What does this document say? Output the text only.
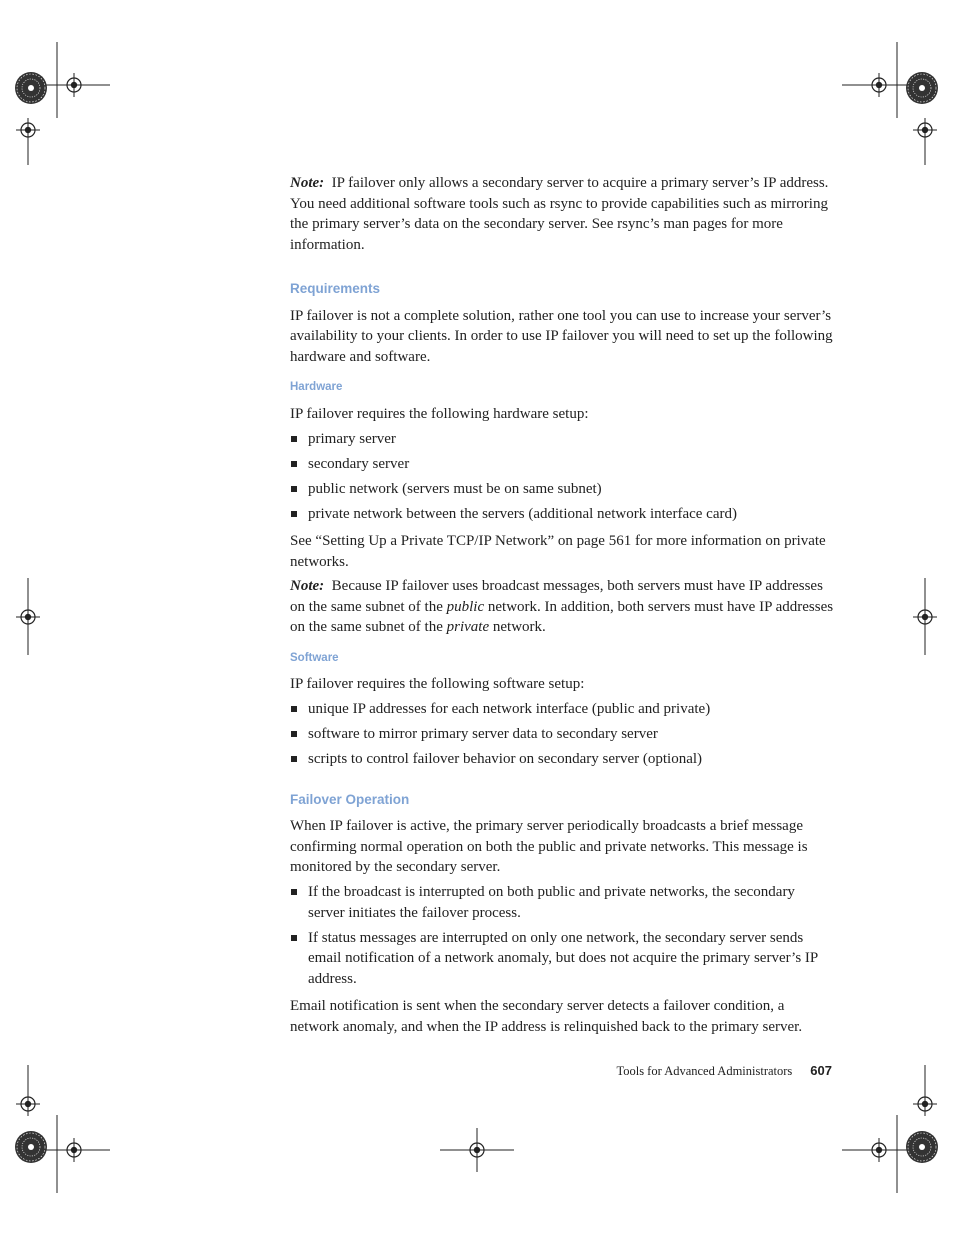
Note: IP failover only allows a secondary server to acquire a primary server’s IP address. You need additional software tools such as rsync to provide capabilities such as mirroring the primary server’s data on the secondary server. See rsync’s man pages for more information.

Requirements

IP failover is not a complete solution, rather one tool you can use to increase your server’s availability to your clients. In order to use IP failover you will need to set up the following hardware and software.

Hardware

IP failover requires the following hardware setup:

primary server
secondary server
public network (servers must be on same subnet)
private network between the servers (additional network interface card)

See “Setting Up a Private TCP/IP Network” on page 561 for more information on private networks.

Note: Because IP failover uses broadcast messages, both servers must have IP addresses on the same subnet of the public network. In addition, both servers must have IP addresses on the same subnet of the private network.

Software

IP failover requires the following software setup:

unique IP addresses for each network interface (public and private)
software to mirror primary server data to secondary server
scripts to control failover behavior on secondary server (optional)

Failover Operation

When IP failover is active, the primary server periodically broadcasts a brief message confirming normal operation on both the public and private networks. This message is monitored by the secondary server.

If the broadcast is interrupted on both public and private networks, the secondary server initiates the failover process.
If status messages are interrupted on only one network, the secondary server sends email notification of a network anomaly, but does not acquire the primary server’s IP address.

Email notification is sent when the secondary server detects a failover condition, a network anomaly, and when the IP address is relinquished back to the primary server.

Tools for Advanced Administrators 607
